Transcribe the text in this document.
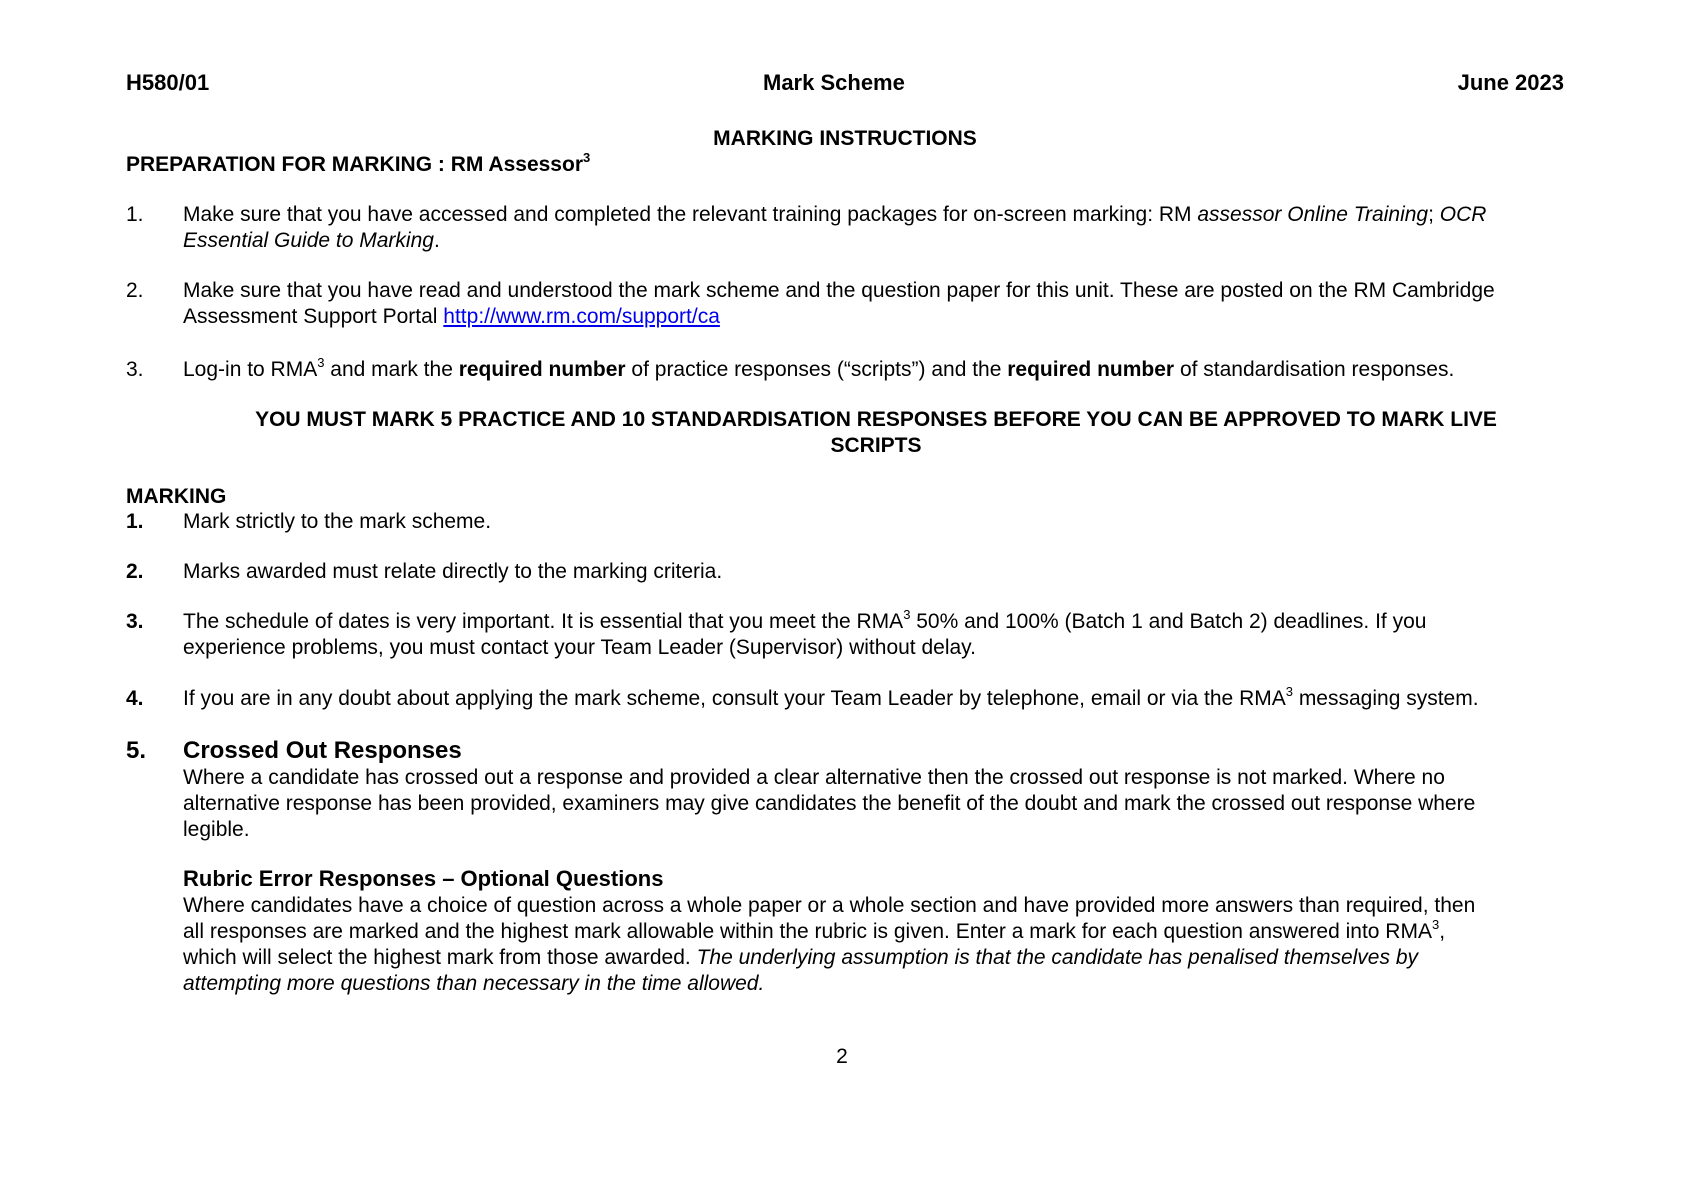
H580/01	Mark Scheme	June 2023
MARKING INSTRUCTIONS
PREPARATION FOR MARKING : RM Assessor$^3$
1.	Make sure that you have accessed and completed the relevant training packages for on-screen marking: RM assessor Online Training; OCR
Essential Guide to Marking.
2.	Make sure that you have read and understood the mark scheme and the question paper for this unit. These are posted on the RM Cambridge
Assessment Support Portal http://www.rm.com/support/ca
3.	Log-in to RMA$^3$ and mark the required number of practice responses (“scripts”) and the required number of standardisation responses.
YOU MUST MARK 5 PRACTICE AND 10 STANDARDISATION RESPONSES BEFORE YOU CAN BE APPROVED TO MARK LIVE
SCRIPTS
MARKING
1.	Mark strictly to the mark scheme.
2.	Marks awarded must relate directly to the marking criteria.
3.	The schedule of dates is very important. It is essential that you meet the RMA$^3$ 50% and 100% (Batch 1 and Batch 2) deadlines. If you
experience problems, you must contact your Team Leader (Supervisor) without delay.
4.	If you are in any doubt about applying the mark scheme, consult your Team Leader by telephone, email or via the RMA$^3$ messaging system.
5.	Crossed Out Responses
Where a candidate has crossed out a response and provided a clear alternative then the crossed out response is not marked. Where no
alternative response has been provided, examiners may give candidates the benefit of the doubt and mark the crossed out response where
legible.
Rubric Error Responses – Optional Questions
Where candidates have a choice of question across a whole paper or a whole section and have provided more answers than required, then
all responses are marked and the highest mark allowable within the rubric is given. Enter a mark for each question answered into RMA$^3$,
which will select the highest mark from those awarded. The underlying assumption is that the candidate has penalised themselves by
attempting more questions than necessary in the time allowed.
2
